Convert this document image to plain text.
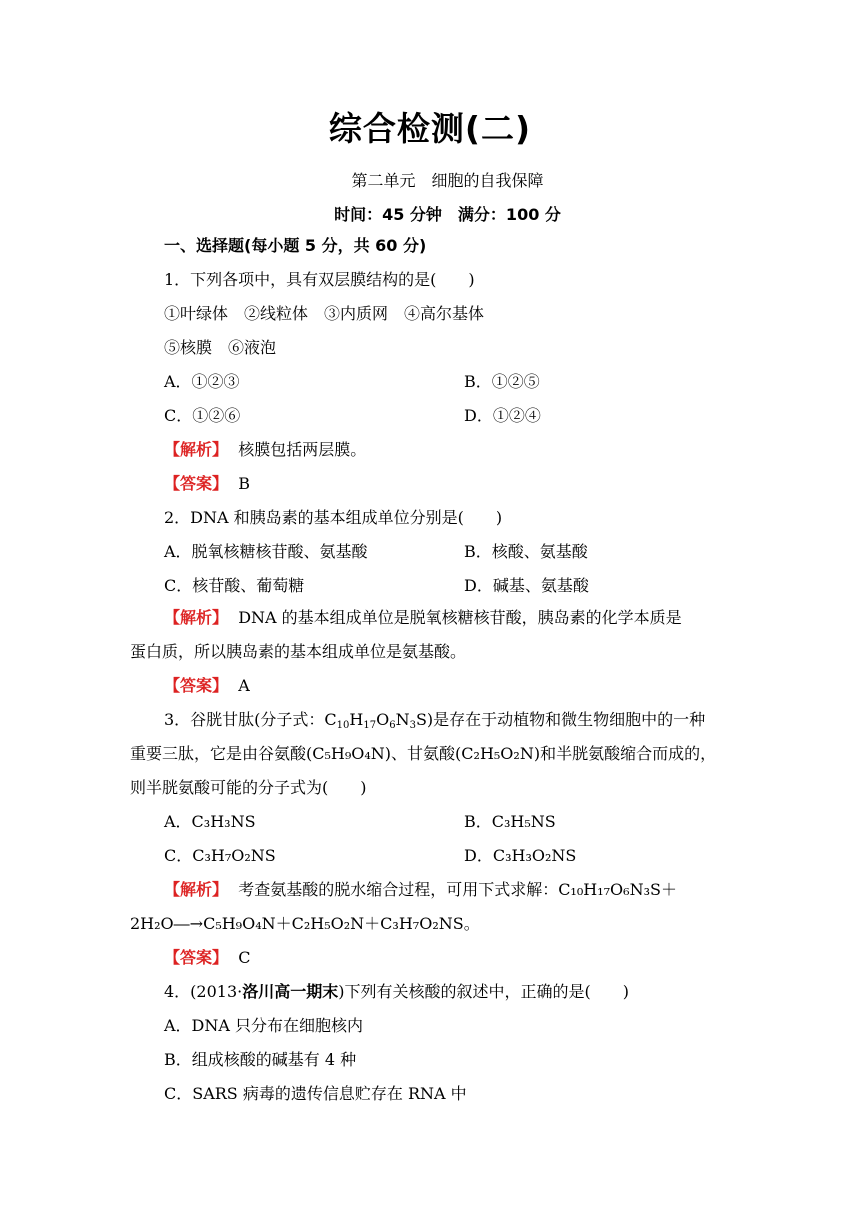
综合检测(二)
第二单元　细胞的自我保障
时间：45 分钟　满分：100 分
一、选择题(每小题 5 分，共 60 分)
1．下列各项中，具有双层膜结构的是(　　)
①叶绿体　②线粒体　③内质网　④高尔基体
⑤核膜　⑥液泡
A．①②③	B．①②⑤
C．①②⑥	D．①②④
【解析】 核膜包括两层膜。
【答案】 B
2．DNA 和胰岛素的基本组成单位分别是(　　)
A．脱氧核糖核苷酸、氨基酸	B．核酸、氨基酸
C．核苷酸、葡萄糖	D．碱基、氨基酸
【解析】 DNA 的基本组成单位是脱氧核糖核苷酸，胰岛素的化学本质是
蛋白质，所以胰岛素的基本组成单位是氨基酸。
【答案】 A
3．谷胱甘肽(分子式：$C_{10}H_{17}O_6N_3S$)是存在于动植物和微生物细胞中的一种
重要三肽，它是由谷氨酸(C₅H₉O₄N)、甘氨酸(C₂H₅O₂N)和半胱氨酸缩合而成的，
则半胱氨酸可能的分子式为(　　)
A．C₃H₃NS	B．C₃H₅NS
C．C₃H₇O₂NS	D．C₃H₃O₂NS
【解析】 考查氨基酸的脱水缩合过程，可用下式求解：C₁₀H₁₇O₆N₃S＋
2H₂O―→C₅H₉O₄N＋C₂H₅O₂N＋C₃H₇O₂NS。
【答案】 C
4．(2013·洛川高一期末)下列有关核酸的叙述中，正确的是(　　)
A．DNA 只分布在细胞核内
B．组成核酸的碱基有 4 种
C．SARS 病毒的遗传信息贮存在 RNA 中
